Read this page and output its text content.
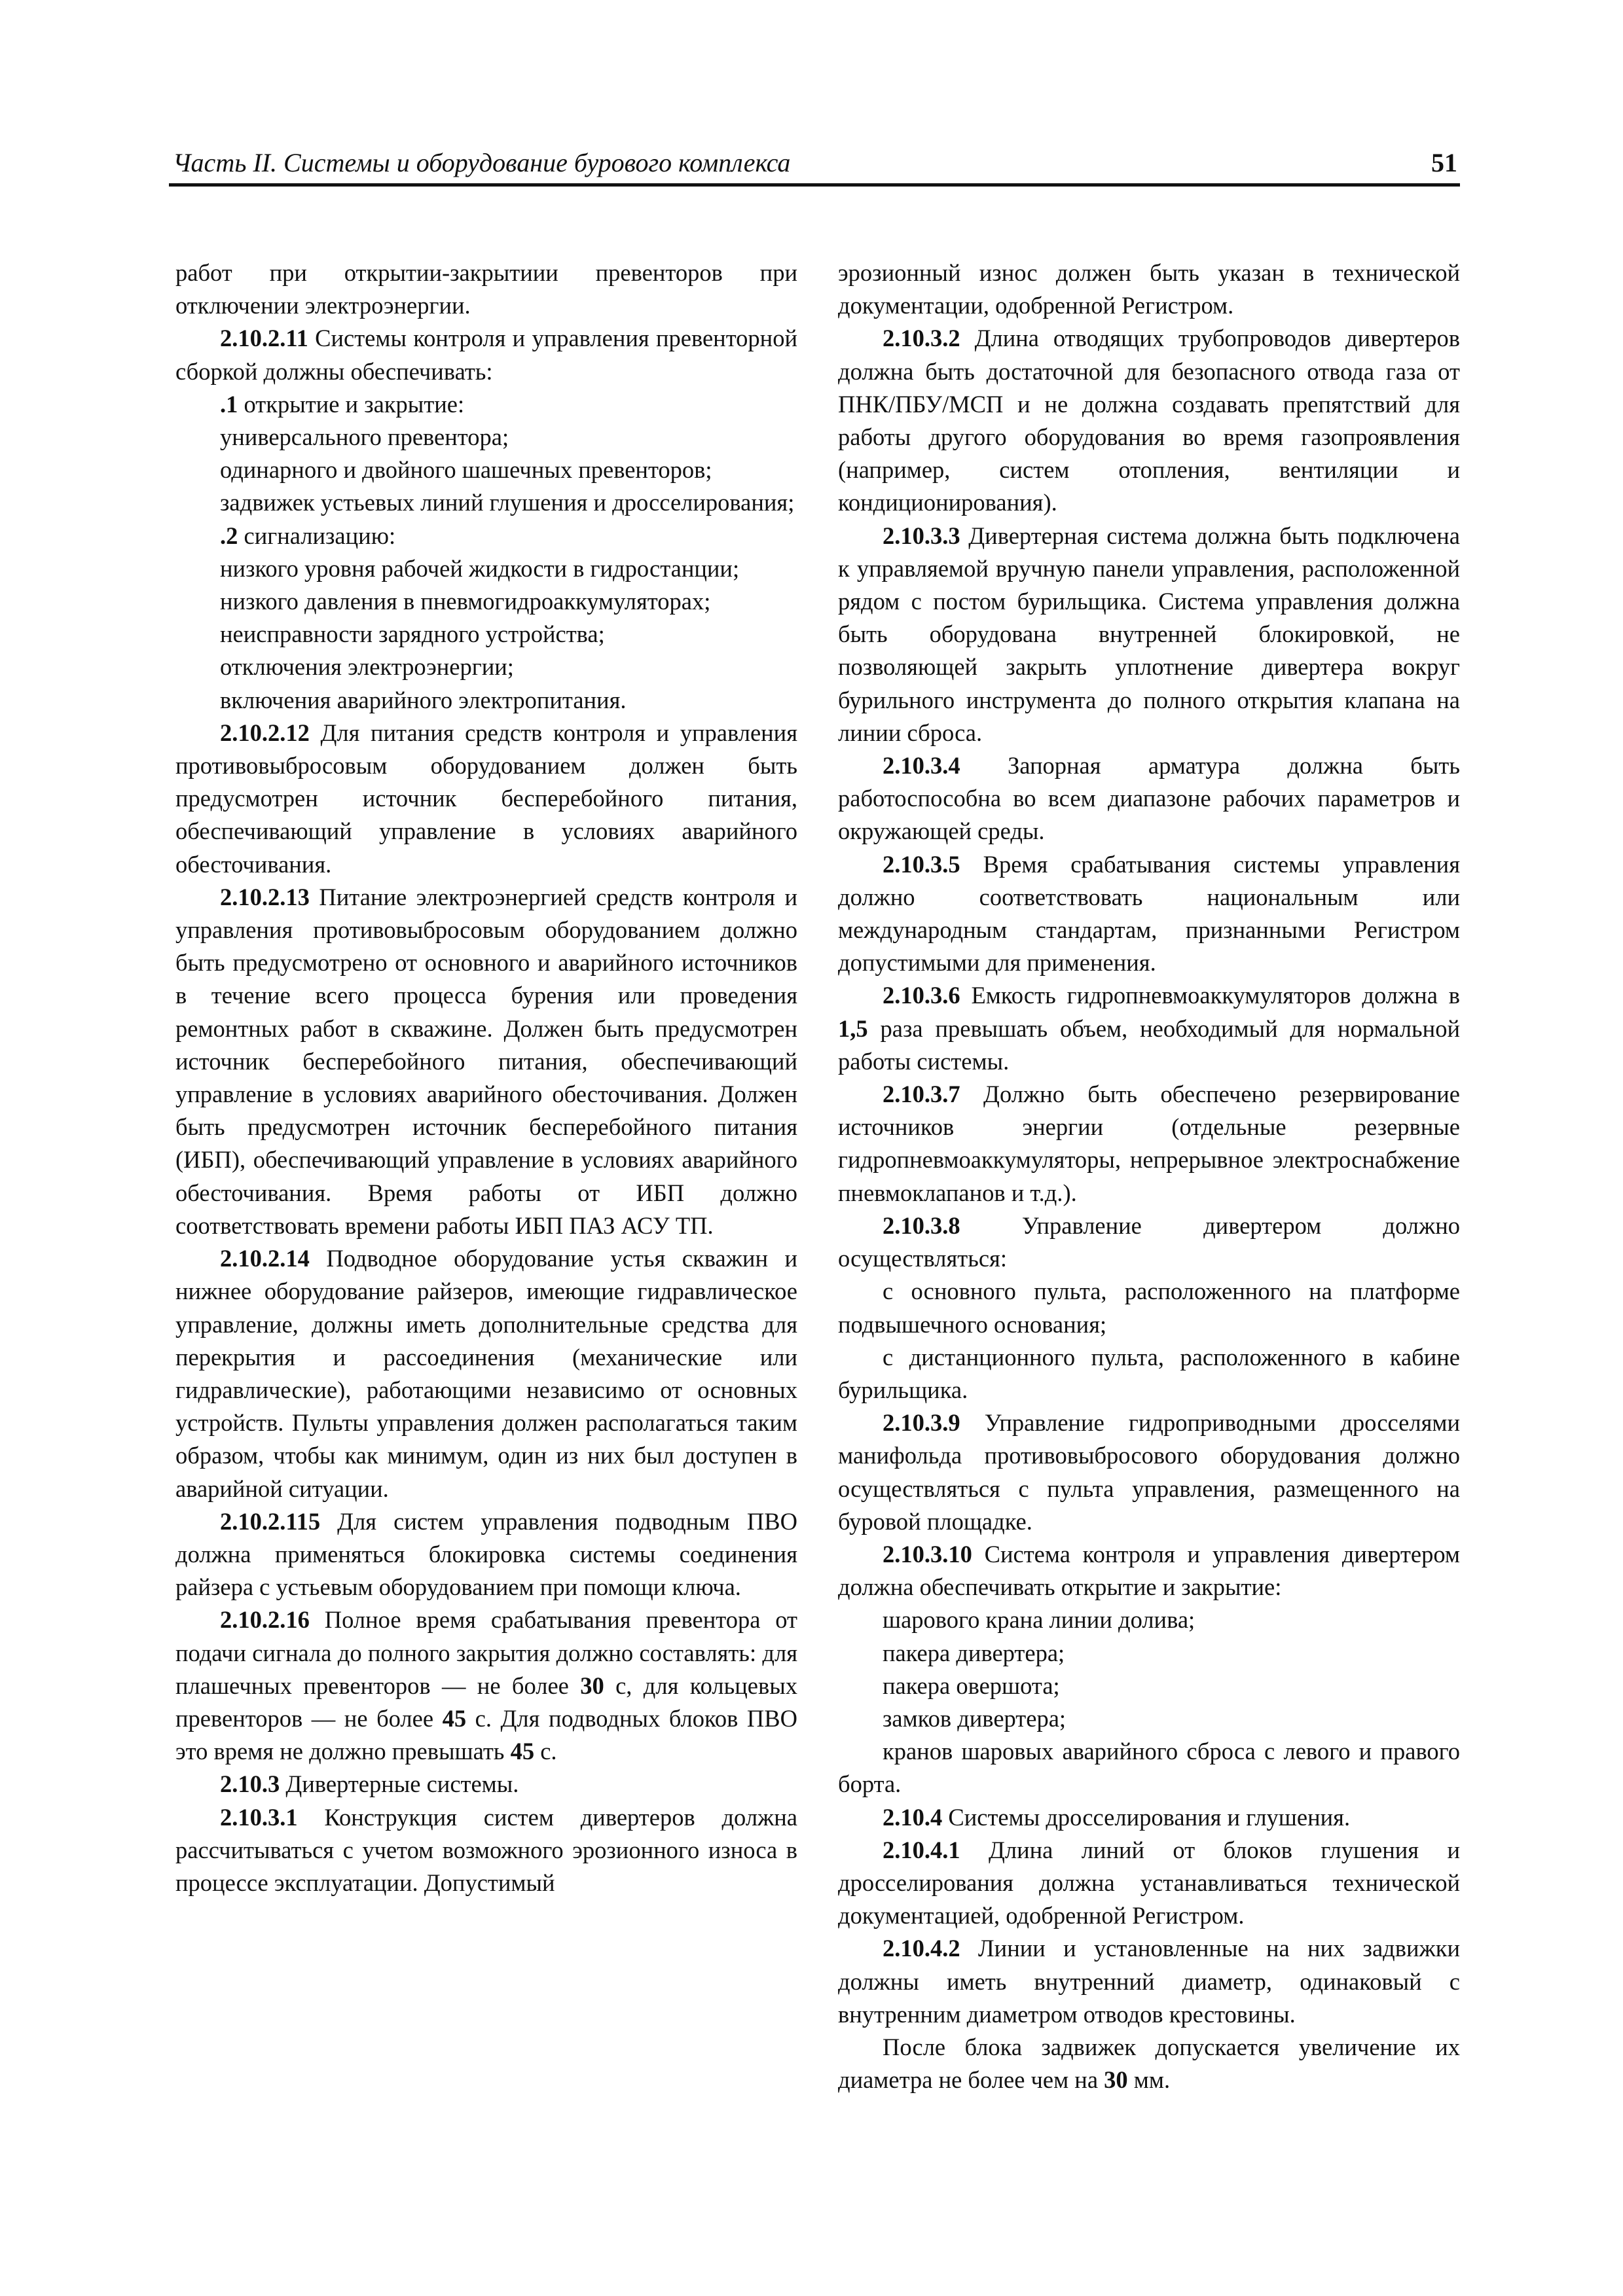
Часть II. Системы и оборудование бурового комплекса	51

работ при открытии-закрытиии превенторов при отключении электроэнергии.

2.10.2.11 Системы контроля и управления превенторной сборкой должны обеспечивать:

.1 открытие и закрытие:

универсального превентора;

одинарного и двойного шашечных превенторов;

задвижек устьевых линий глушения и дросселирования;

.2 сигнализацию:

низкого уровня рабочей жидкости в гидростанции;

низкого давления в пневмогидроаккумуляторах;

неисправности зарядного устройства;

отключения электроэнергии;

включения аварийного электропитания.

2.10.2.12 Для питания средств контроля и управления противовыбросовым оборудованием должен быть предусмотрен источник бесперебойного питания, обеспечивающий управление в условиях аварийного обесточивания.

2.10.2.13 Питание электроэнергией средств контроля и управления противовыбросовым оборудованием должно быть предусмотрено от основного и аварийного источников в течение всего процесса бурения или проведения ремонтных работ в скважине. Должен быть предусмотрен источник бесперебойного питания, обеспечивающий управление в условиях аварийного обесточивания. Должен быть предусмотрен источник бесперебойного питания (ИБП), обеспечивающий управление в условиях аварийного обесточивания. Время работы от ИБП должно соответствовать времени работы ИБП ПАЗ АСУ ТП.

2.10.2.14 Подводное оборудование устья скважин и нижнее оборудование райзеров, имеющие гидравлическое управление, должны иметь дополнительные средства для перекрытия и рассоединения (механические или гидравлические), работающими независимо от основных устройств. Пульты управления должен располагаться таким образом, чтобы как минимум, один из них был доступен в аварийной ситуации.

2.10.2.115 Для систем управления подводным ПВО должна применяться блокировка системы соединения райзера с устьевым оборудованием при помощи ключа.

2.10.2.16 Полное время срабатывания превентора от подачи сигнала до полного закрытия должно составлять: для плашечных превенторов — не более 30 с, для кольцевых превенторов — не более 45 с. Для подводных блоков ПВО это время не должно превышать 45 с.

2.10.3 Дивертерные системы.

2.10.3.1 Конструкция систем дивертеров должна рассчитываться с учетом возможного эрозионного износа в процессе эксплуатации. Допустимый

эрозионный износ должен быть указан в технической документации, одобренной Регистром.

2.10.3.2 Длина отводящих трубопроводов дивертеров должна быть достаточной для безопасного отвода газа от ПНК/ПБУ/МСП и не должна создавать препятствий для работы другого оборудования во время газопроявления (например, систем отопления, вентиляции и кондиционирования).

2.10.3.3 Дивертерная система должна быть подключена к управляемой вручную панели управления, расположенной рядом с постом бурильщика. Система управления должна быть оборудована внутренней блокировкой, не позволяющей закрыть уплотнение дивертера вокруг бурильного инструмента до полного открытия клапана на линии сброса.

2.10.3.4 Запорная арматура должна быть работоспособна во всем диапазоне рабочих параметров и окружающей среды.

2.10.3.5 Время срабатывания системы управления должно соответствовать национальным или международным стандартам, признанными Регистром допустимыми для применения.

2.10.3.6 Емкость гидропневмоаккумуляторов должна в 1,5 раза превышать объем, необходимый для нормальной работы системы.

2.10.3.7 Должно быть обеспечено резервирование источников энергии (отдельные резервные гидропневмоаккумуляторы, непрерывное электроснабжение пневмоклапанов и т.д.).

2.10.3.8 Управление дивертером должно осуществляться:

с основного пульта, расположенного на платформе подвышечного основания;

с дистанционного пульта, расположенного в кабине бурильщика.

2.10.3.9 Управление гидроприводными дросселями манифольда противовыбросового оборудования должно осуществляться с пульта управления, размещенного на буровой площадке.

2.10.3.10 Система контроля и управления дивертером должна обеспечивать открытие и закрытие:

шарового крана линии долива;

пакера дивертера;

пакера овершота;

замков дивертера;

кранов шаровых аварийного сброса с левого и правого борта.

2.10.4 Системы дросселирования и глушения.

2.10.4.1 Длина линий от блоков глушения и дросселирования должна устанавливаться технической документацией, одобренной Регистром.

2.10.4.2 Линии и установленные на них задвижки должны иметь внутренний диаметр, одинаковый с внутренним диаметром отводов крестовины.

После блока задвижек допускается увеличение их диаметра не более чем на 30 мм.
